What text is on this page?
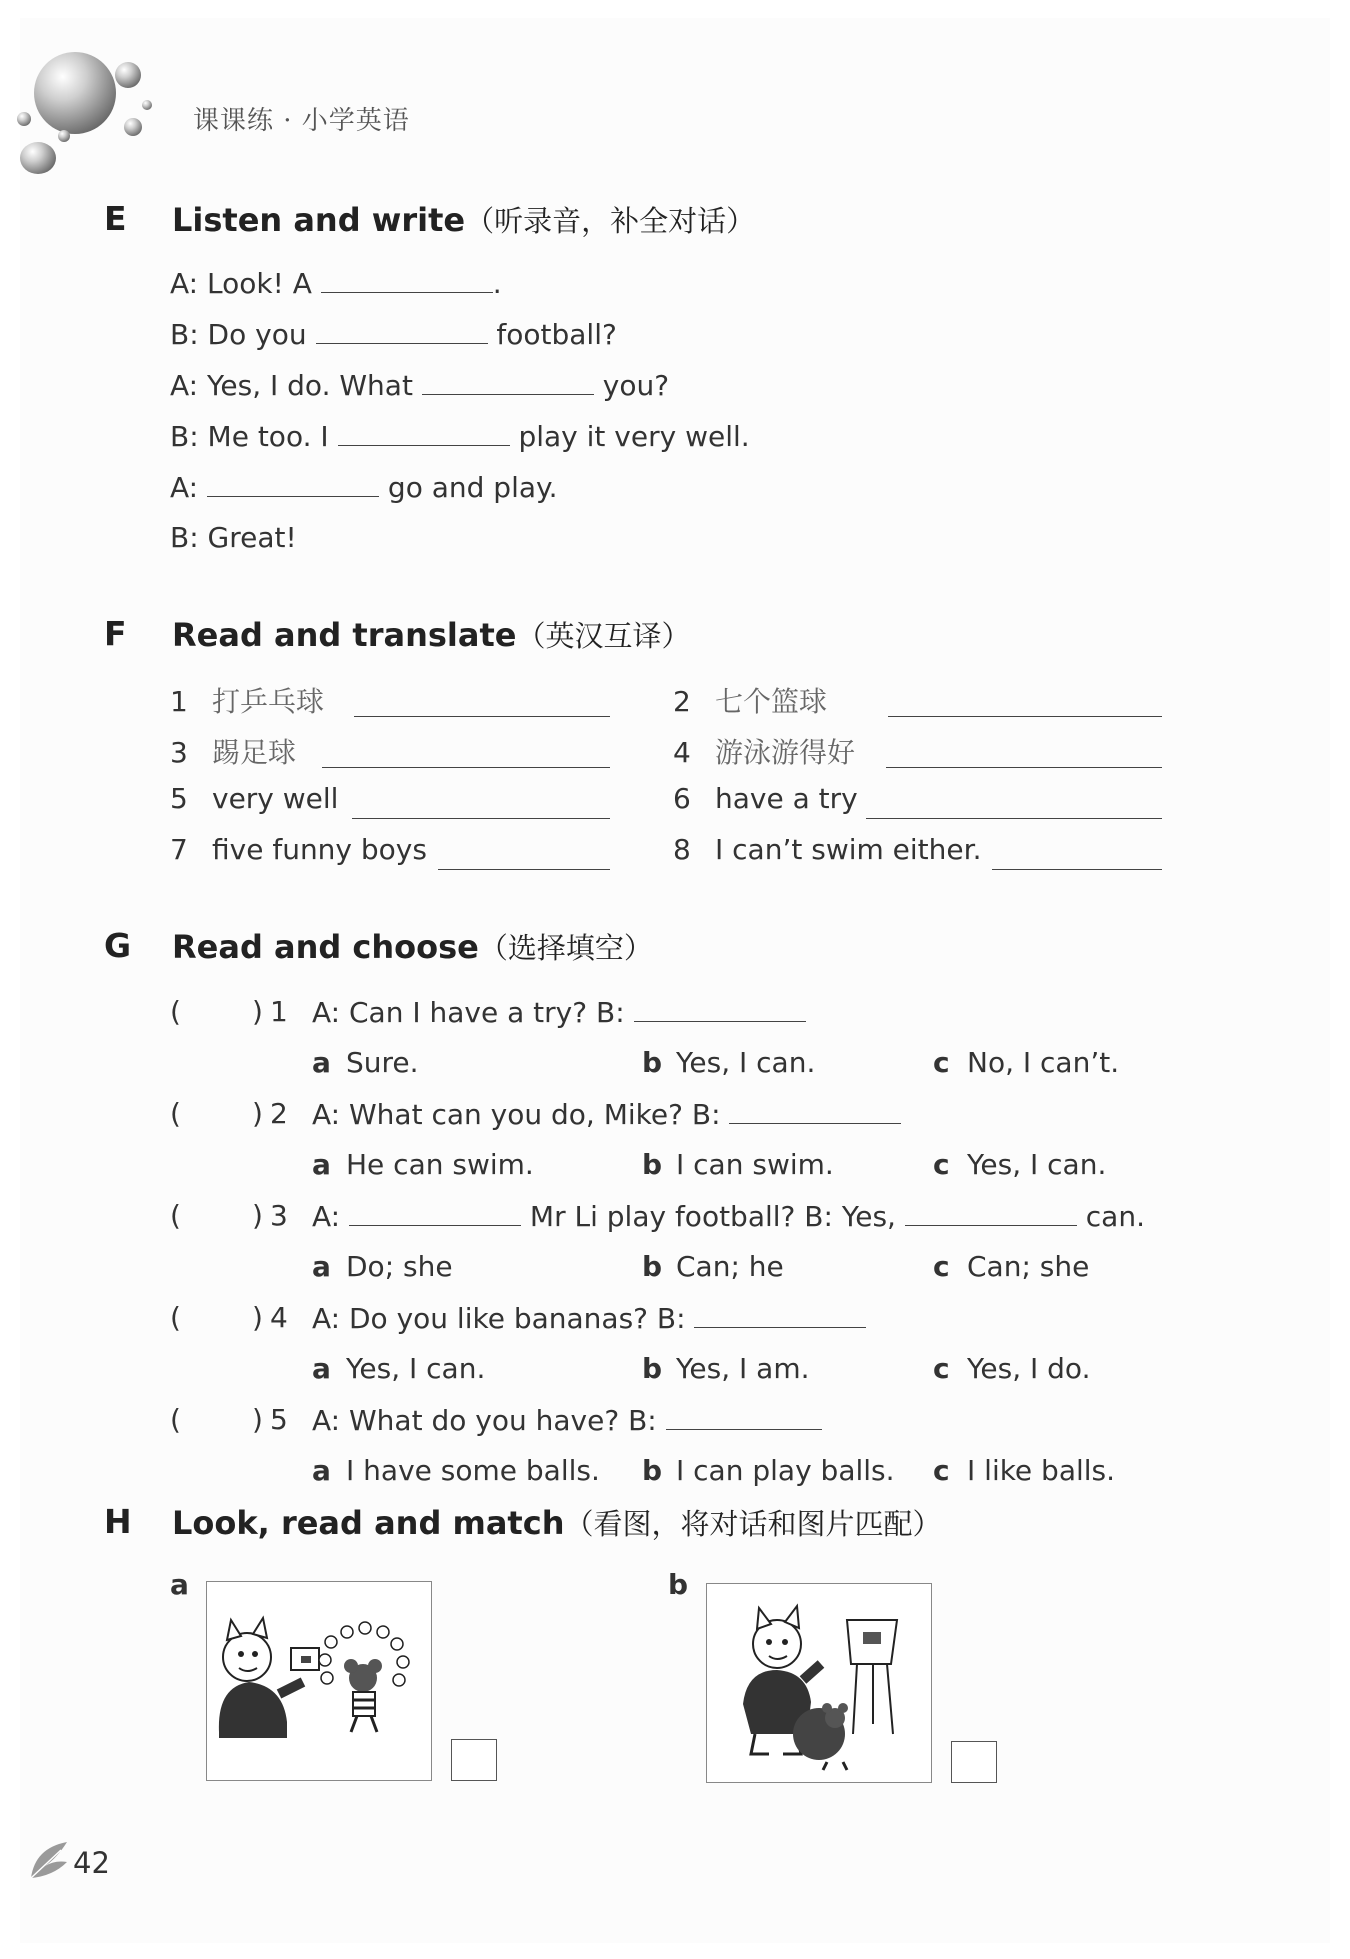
课课练 · 小学英语
E Listen and write（听录音，补全对话）
A: Look! A	.
B: Do you	football?
A: Yes, I do. What	you?
B: Me too. I	play it very well.
A:	go and play.
B: Great!
F Read and translate（英汉互译）
1 打乒乓球	2 七个篮球
3 踢足球	4 游泳游得好
5 very well	6 have a try
7 five funny boys	8 I can’t swim either.
G Read and choose（选择填空）
(	) 1 A: Can I have a try? B:
a Sure.	b Yes, I can.	c No, I can’t.
(	) 2 A: What can you do, Mike? B:
a He can swim.	b I can swim.	c Yes, I can.
(	) 3 A:	Mr Li play football? B: Yes,	can.
a Do; she	b Can; he	c Can; she
(	) 4 A: Do you like bananas? B:
a Yes, I can.	b Yes, I am.	c Yes, I do.
(	) 5 A: What do you have? B:
a I have some balls. b I can play balls. c I like balls.
H Look, read and match（看图，将对话和图片匹配）
a	b
42
